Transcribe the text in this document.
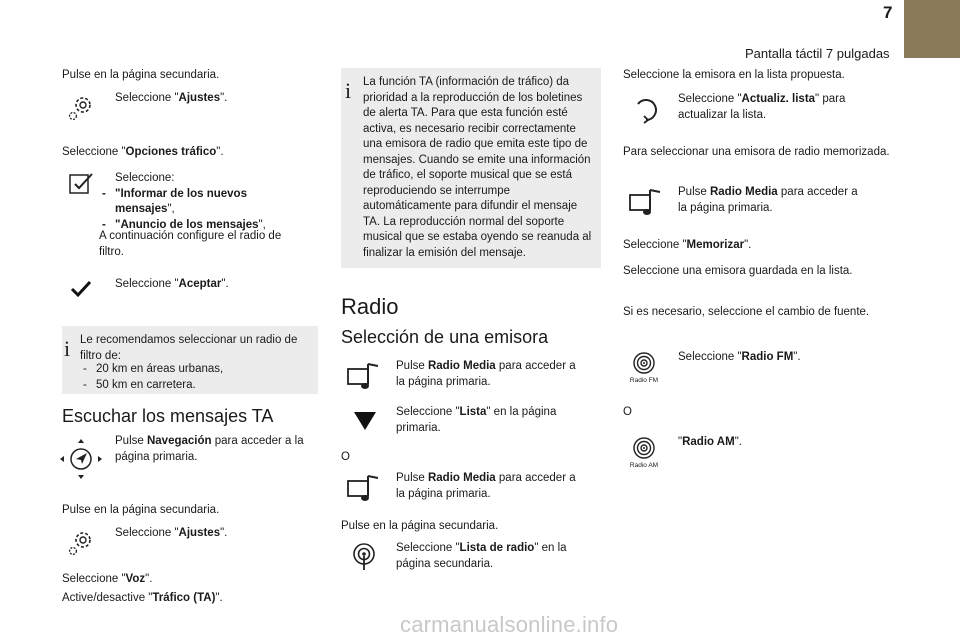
7
Pantalla táctil 7 pulgadas
Pulse en la página secundaria.
Seleccione "Ajustes".
Seleccione "Opciones tráfico".
Seleccione:
- "Informar de los nuevos mensajes",
- "Anuncio de los mensajes",
A continuación configure el radio de filtro.
Seleccione "Aceptar".
i Le recomendamos seleccionar un radio de filtro de:
- 20 km en áreas urbanas,
- 50 km en carretera.
Escuchar los mensajes TA
Pulse Navegación para acceder a la página primaria.
Pulse en la página secundaria.
Seleccione "Ajustes".
Seleccione "Voz".
Active/desactive "Tráfico (TA)".
i La función TA (información de tráfico) da prioridad a la reproducción de los boletines de alerta TA. Para que esta función esté activa, es necesario recibir correctamente una emisora de radio que emita este tipo de mensajes. Cuando se emite una información de tráfico, el soporte musical que se está reproduciendo se interrumpe automáticamente para difundir el mensaje TA. La reproducción normal del soporte musical que se estaba oyendo se reanuda al finalizar la emisión del mensaje.
Radio
Selección de una emisora
Pulse Radio Media para acceder a la página primaria.
Seleccione "Lista" en la página primaria.
O
Pulse Radio Media para acceder a la página primaria.
Pulse en la página secundaria.
Seleccione "Lista de radio" en la página secundaria.
Seleccione la emisora en la lista propuesta.
Seleccione "Actualiz. lista" para actualizar la lista.
Para seleccionar una emisora de radio memorizada.
Pulse Radio Media para acceder a la página primaria.
Seleccione "Memorizar".
Seleccione una emisora guardada en la lista.
Si es necesario, seleccione el cambio de fuente.
Radio FM
Seleccione "Radio FM".
O
Radio AM
"Radio AM".
carmanualsonline.info
